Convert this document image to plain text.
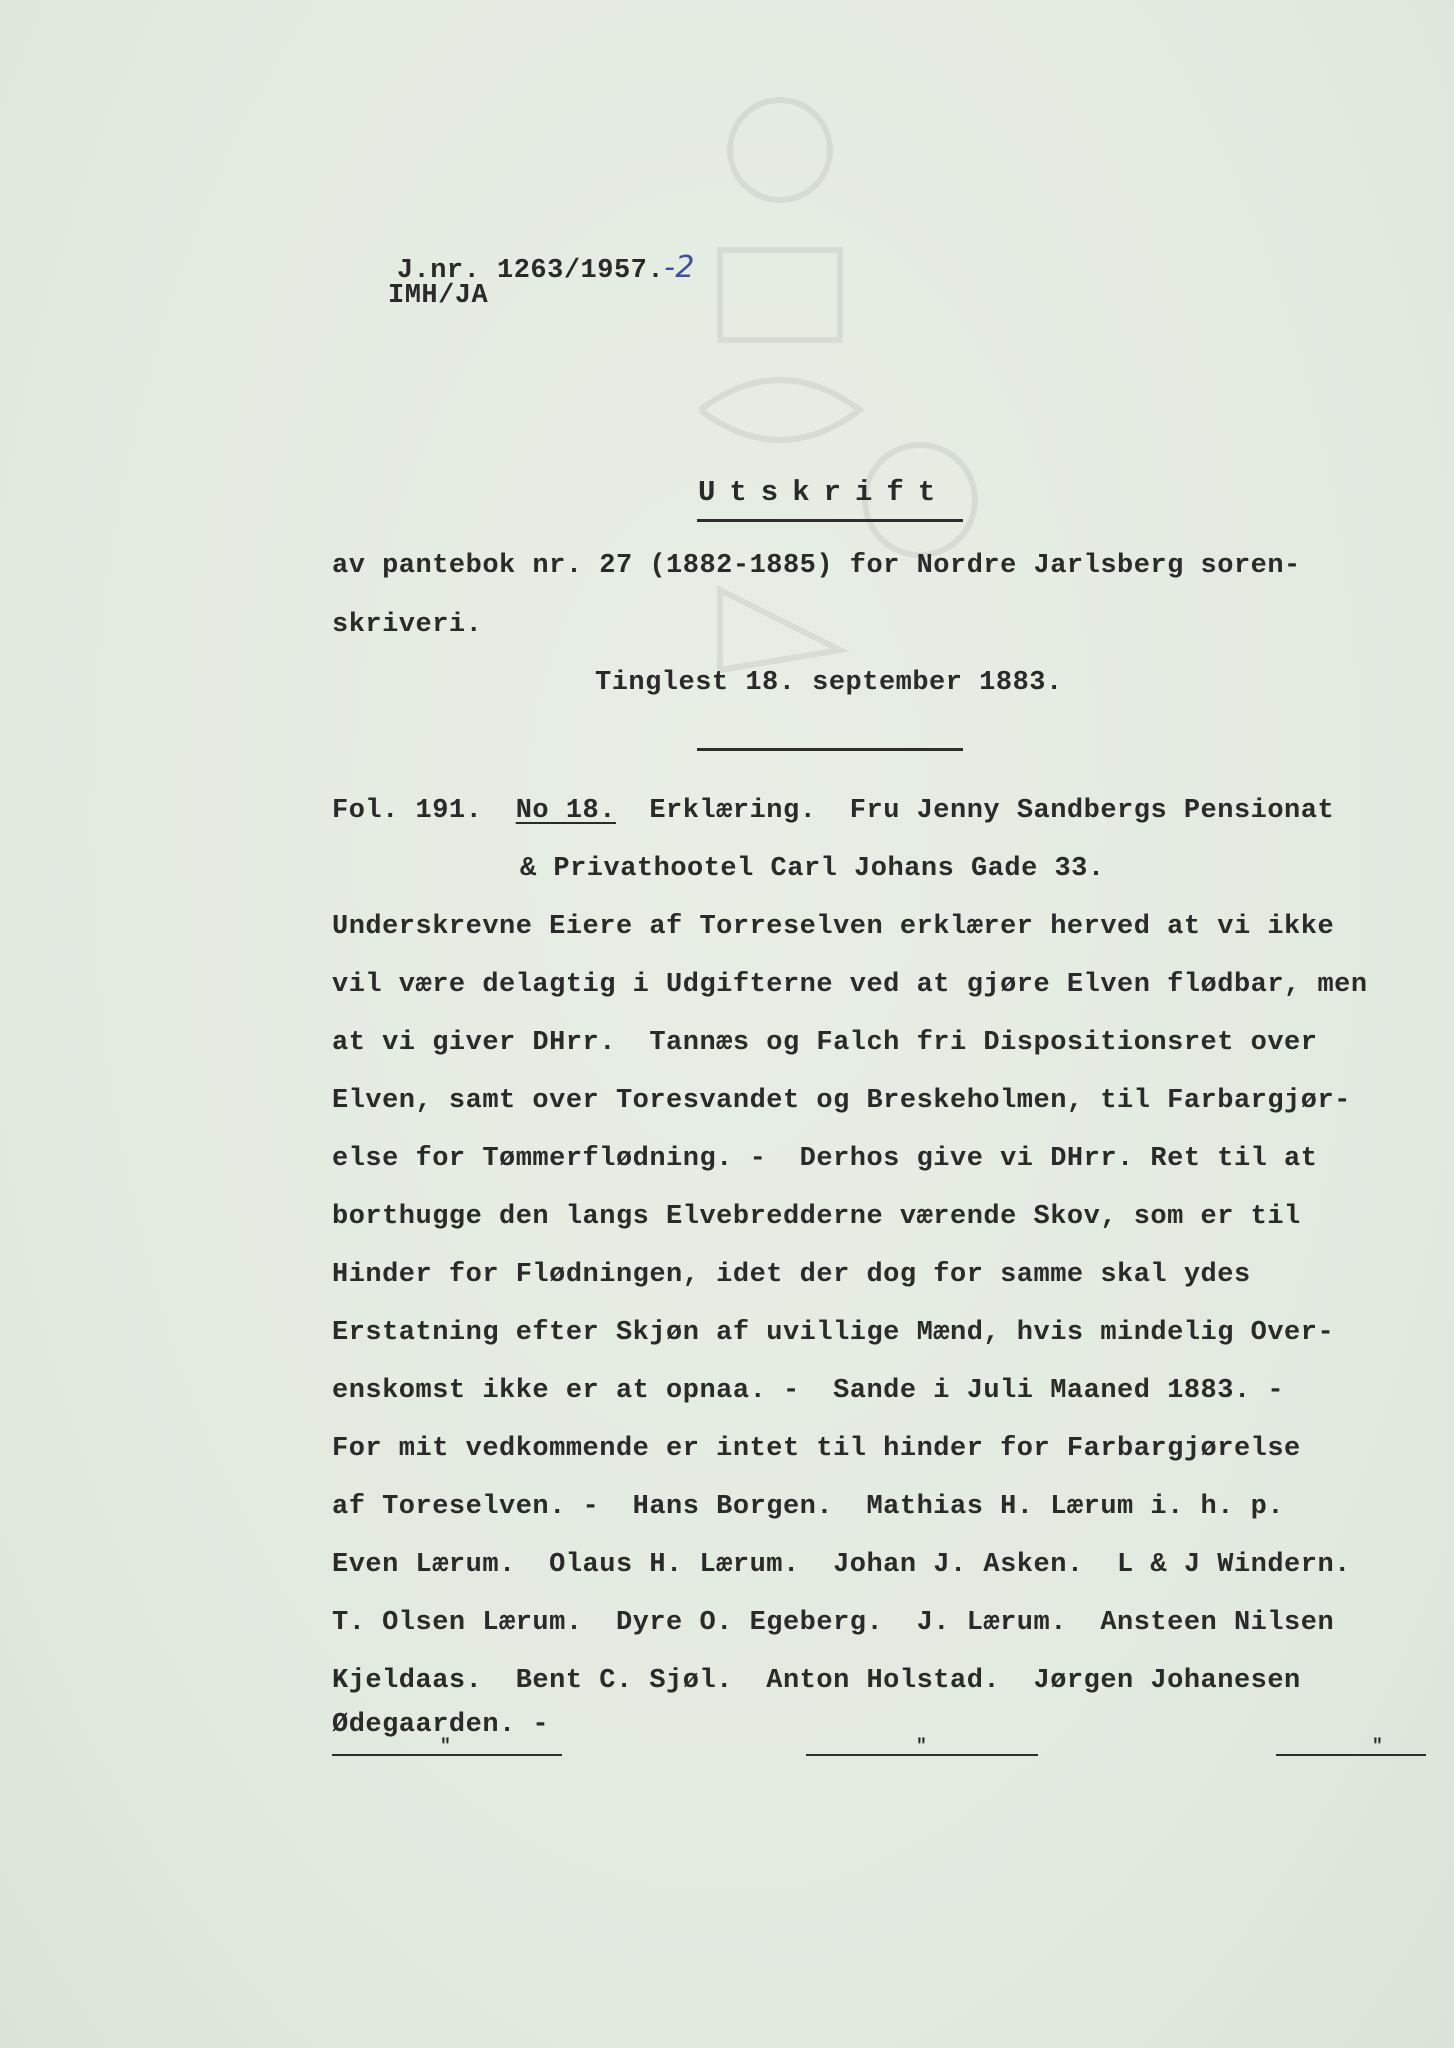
J.nr. 1263/1957.-2

IMH/JA
Utskrift
av pantebok nr. 27 (1882-1885) for Nordre Jarlsberg soren-
skriveri.
Tinglest 18. september 1883.
Fol. 191. No 18. Erklæring.  Fru Jenny Sandbergs Pensionat
& Privathootel Carl Johans Gade 33.
Underskrevne Eiere af Torreselven erklærer herved at vi ikke
vil være delagtig i Udgifterne ved at gjøre Elven flødbar, men
at vi giver DHrr.  Tannæs og Falch fri Dispositionsret over
Elven, samt over Toresvandet og Breskeholmen, til Farbargjør-
else for Tømmerflødning. -  Derhos give vi DHrr. Ret til at
borthugge den langs Elvebredderne værende Skov, som er til
Hinder for Flødningen, idet der dog for samme skal ydes
Erstatning efter Skjøn af uvillige Mænd, hvis mindelig Over-
enskomst ikke er at opnaa. -  Sande i Juli Maaned 1883. -
For mit vedkommende er intet til hinder for Farbargjørelse
af Toreselven. -  Hans Borgen.  Mathias H. Lærum i. h. p.
Even Lærum.  Olaus H. Lærum.  Johan J. Asken.  L & J Windern.
T. Olsen Lærum.  Dyre O. Egeberg.  J. Lærum.  Ansteen Nilsen
Kjeldaas.  Bent C. Sjøl.  Anton Holstad.  Jørgen Johanesen
Ødegaarden. -
"	"	"
